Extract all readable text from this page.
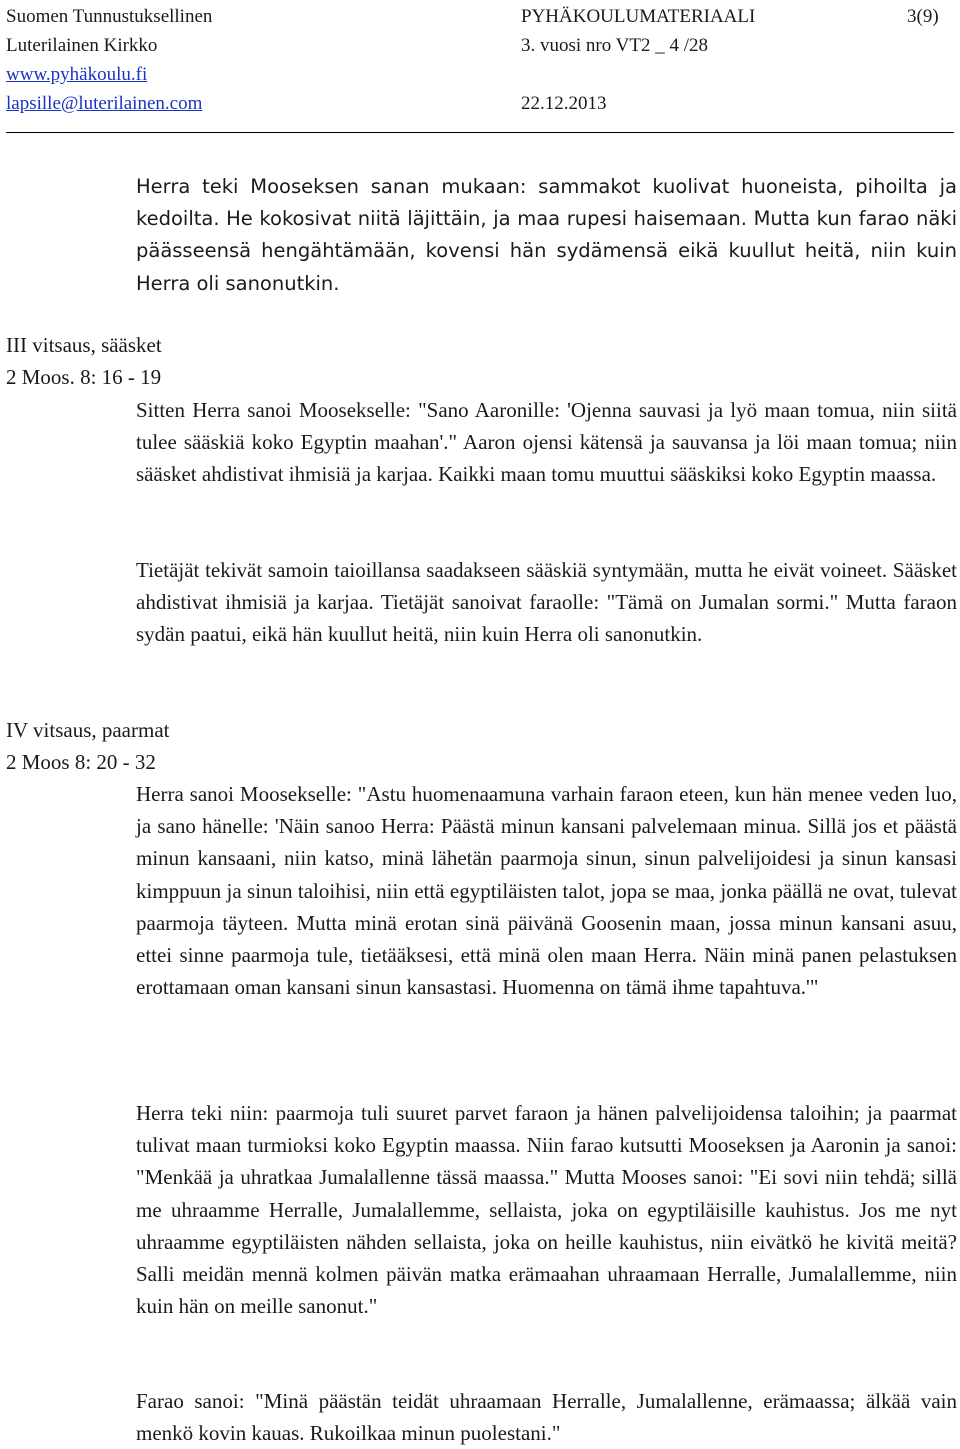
Suomen Tunnustuksellinen
Luterilainen Kirkko
www.pyhäkoulu.fi
lapsille@luterilainen.com
PYHÄKOULUMATERIAALI
3. vuosi nro VT2 _ 4 /28

22.12.2013
3(9)

Herra teki Mooseksen sanan mukaan: sammakot kuolivat huoneista, pihoilta ja kedoilta. He kokosivat niitä läjittäin, ja maa rupesi haisemaan. Mutta kun farao näki päässeensä hengähtämään, kovensi hän sydämensä eikä kuullut heitä, niin kuin Herra oli sanonutkin.

III vitsaus, sääsket
2 Moos. 8: 16 - 19

Sitten Herra sanoi Moosekselle: "Sano Aaronille: 'Ojenna sauvasi ja lyö maan tomua, niin siitä tulee sääskiä koko Egyptin maahan'." Aaron ojensi kätensä ja sauvansa ja löi maan tomua; niin sääsket ahdistivat ihmisiä ja karjaa. Kaikki maan tomu muuttui sääskiksi koko Egyptin maassa.

Tietäjät tekivät samoin taioillansa saadakseen sääskiä syntymään, mutta he eivät voineet. Sääsket ahdistivat ihmisiä ja karjaa. Tietäjät sanoivat faraolle: "Tämä on Jumalan sormi." Mutta faraon sydän paatui, eikä hän kuullut heitä, niin kuin Herra oli sanonutkin.

IV vitsaus, paarmat
2 Moos 8: 20 - 32

Herra sanoi Moosekselle: "Astu huomenaamuna varhain faraon eteen, kun hän menee veden luo, ja sano hänelle: 'Näin sanoo Herra: Päästä minun kansani palvelemaan minua. Sillä jos et päästä minun kansaani, niin katso, minä lähetän paarmoja sinun, sinun palvelijoidesi ja sinun kansasi kimppuun ja sinun taloihisi, niin että egyptiläisten talot, jopa se maa, jonka päällä ne ovat, tulevat paarmoja täyteen. Mutta minä erotan sinä päivänä Goosenin maan, jossa minun kansani asuu, ettei sinne paarmoja tule, tietääksesi, että minä olen maan Herra. Näin minä panen pelastuksen erottamaan oman kansani sinun kansastasi. Huomenna on tämä ihme tapahtuva.'"

Herra teki niin: paarmoja tuli suuret parvet faraon ja hänen palvelijoidensa taloihin; ja paarmat tulivat maan turmioksi koko Egyptin maassa. Niin farao kutsutti Mooseksen ja Aaronin ja sanoi: "Menkää ja uhratkaa Jumalallenne tässä maassa." Mutta Mooses sanoi: "Ei sovi niin tehdä; sillä me uhraamme Herralle, Jumalallemme, sellaista, joka on egyptiläisille kauhistus. Jos me nyt uhraamme egyptiläisten nähden sellaista, joka on heille kauhistus, niin eivätkö he kivitä meitä? Salli meidän mennä kolmen päivän matka erämaahan uhraamaan Herralle, Jumalallemme, niin kuin hän on meille sanonut."

Farao sanoi: "Minä päästän teidät uhraamaan Herralle, Jumalallenne, erämaassa; älkää vain menkö kovin kauas. Rukoilkaa minun puolestani."
